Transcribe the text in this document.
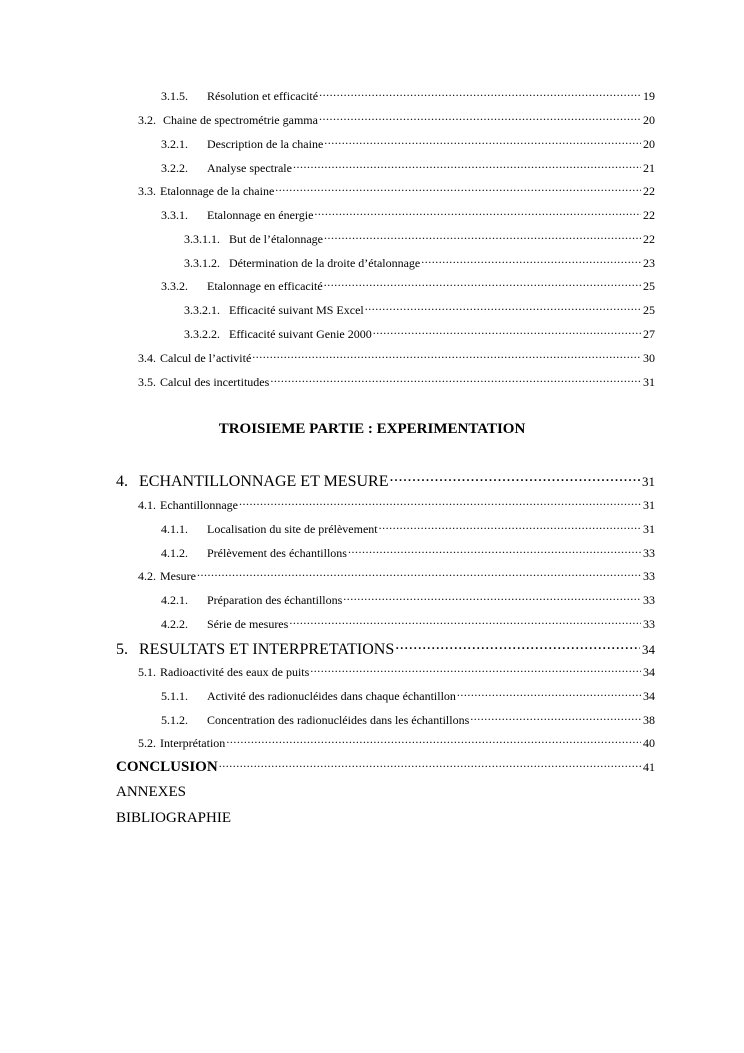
3.1.5.	Résolution et efficacité .....	19
3.2. Chaine de spectrométrie gamma .....	20
3.2.1.	Description de la chaine .....	20
3.2.2.	Analyse spectrale .....	21
3.3. Etalonnage de la chaine .....	22
3.3.1.	Etalonnage en énergie .....	22
3.3.1.1. But de l’étalonnage .....	22
3.3.1.2. Détermination de la droite d’étalonnage .....	23
3.3.2.	Etalonnage en efficacité .....	25
3.3.2.1. Efficacité suivant MS Excel .....	25
3.3.2.2. Efficacité suivant Genie 2000 .....	27
3.4. Calcul de l’activité .....	30
3.5. Calcul des incertitudes .....	31
TROISIEME PARTIE : EXPERIMENTATION
4. ECHANTILLONNAGE ET MESURE .....	31
4.1. Echantillonnage .....	31
4.1.1.	Localisation du site de prélèvement .....	31
4.1.2.	Prélèvement des échantillons .....	33
4.2. Mesure .....	33
4.2.1.	Préparation des échantillons .....	33
4.2.2.	Série de mesures .....	33
5. RESULTATS ET INTERPRETATIONS .....	34
5.1. Radioactivité des eaux de puits .....	34
5.1.1.	Activité des radionucléides dans chaque échantillon .....	34
5.1.2.	Concentration des radionucléides dans les échantillons .....	38
5.2. Interprétation .....	40
CONCLUSION .....	41
ANNEXES
BIBLIOGRAPHIE
